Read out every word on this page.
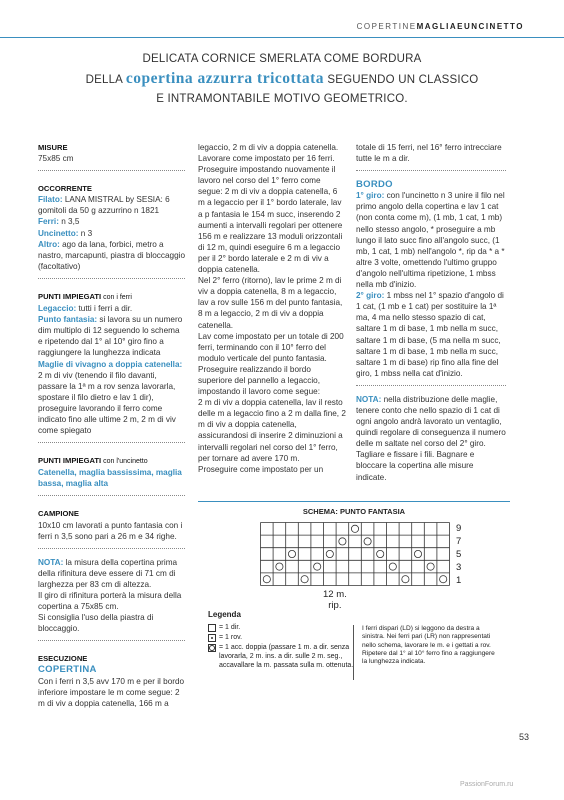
COPERTINEMAGLIAEUNCINETTO
DELICATA CORNICE SMERLATA COME BORDURA
DELLA copertina azzurra tricottata SEGUENDO UN CLASSICO
E INTRAMONTABILE MOTIVO GEOMETRICO.
MISURE

75x85 cm

OCCORRENTE

Filato: LANA MISTRAL by SESIA: 6 gomitoli da 50 g azzurrino n 1821

Ferri: n 3,5

Uncinetto: n 3

Altro: ago da lana, forbici, metro a nastro, marcapunti, piastra di bloccaggio (facoltativo)

PUNTI IMPIEGATI con i ferri

Legaccio: tutti i ferri a dir.

Punto fantasia: si lavora su un numero dim multiplo di 12 seguendo lo schema e ripetendo dal 1° al 10° giro fino a raggiungere la lunghezza indicata

Maglie di vivagno a doppia catenella: 2 m di viv (tenendo il filo davanti, passare la 1ª m a rov senza lavorarla, spostare il filo dietro e lav 1 dir), proseguire lavorando il ferro come indicato fino alle ultime 2 m, 2 m di viv come spiegato

PUNTI IMPIEGATI con l'uncinetto

Catenella, maglia bassissima, maglia bassa, maglia alta

CAMPIONE

10x10 cm lavorati a punto fantasia con i ferri n 3,5 sono pari a 26 m e 34 righe.

NOTA: la misura della copertina prima della rifinitura deve essere di 71 cm di larghezza per 83 cm di altezza.

Il giro di rifinitura porterà la misura della copertina a 75x85 cm.

Si consiglia l'uso della piastra di bloccaggio.

ESECUZIONE
COPERTINA

Con i ferri n 3,5 avv 170 m e per il bordo inferiore impostare le m come segue: 2 m di viv a doppia catenella, 166 m a

legaccio, 2 m di viv a doppia catenella. Lavorare come impostato per 16 ferri. Proseguire impostando nuovamente il lavoro nel corso del 1° ferro come segue: 2 m di viv a doppia catenella, 6 m a legaccio per il 1° bordo laterale, lav a p fantasia le 154 m succ, inserendo 2 aumenti a intervalli regolari per ottenere 156 m e realizzare 13 moduli orizzontali di 12 m, quindi eseguire 6 m a legaccio per il 2° bordo laterale e 2 m di viv a doppia catenella.

Nel 2° ferro (ritorno), lav le prime 2 m di viv a doppia catenella, 8 m a legaccio, lav a rov sulle 156 m del punto fantasia, 8 m a legaccio, 2 m di viv a doppia catenella.

Lav come impostato per un totale di 200 ferri, terminando con il 10° ferro del modulo verticale del punto fantasia. Proseguire realizzando il bordo superiore del pannello a legaccio, impostando il lavoro come segue:

2 m di viv a doppia catenella, lav il resto delle m a legaccio fino a 2 m dalla fine, 2 m di viv a doppia catenella, assicurandosi di inserire 2 diminuzioni a intervalli regolari nel corso del 1° ferro, per tornare ad avere 170 m.

Proseguire come impostato per un

totale di 15 ferri, nel 16° ferro intrecciare tutte le m a dir.

BORDO

1° giro: con l'uncinetto n 3 unire il filo nel primo angolo della copertina e lav 1 cat (non conta come m), (1 mb, 1 cat, 1 mb) nello stesso angolo, * proseguire a mb lungo il lato succ fino all'angolo succ, (1 mb, 1 cat, 1 mb) nell'angolo *, rip da * a * altre 3 volte, omettendo l'ultimo gruppo d'angolo nell'ultima ripetizione, 1 mbss nella mb d'inizio.

2° giro: 1 mbss nel 1° spazio d'angolo di 1 cat, (1 mb e 1 cat) per sostituire la 1ª ma, 4 ma nello stesso spazio di cat, saltare 1 m di base, 1 mb nella m succ, saltare 1 m di base, (5 ma nella m succ, saltare 1 m di base, 1 mb nella m succ, saltare 1 m di base) rip fino alla fine del giro, 1 mbss nella cat d'inizio.

NOTA: nella distribuzione delle maglie, tenere conto che nello spazio di 1 cat di ogni angolo andrà lavorato un ventaglio, quindi regolare di conseguenza il numero delle m saltate nel corso del 2° giro.

Tagliare e fissare i fili. Bagnare e bloccare la copertina alle misure indicate.

SCHEMA: PUNTO FANTASIA
9
7
5
3
1
12 m.
rip.
Legenda
= 1 dir.
= 1 rov.
= 1 acc. doppia (passare 1 m. a dir. senza lavorarla, 2 m. ins. a dir. sulle 2 m. seg., accavallare la m. passata sulla m. ottenuta.
I ferri dispari (LD) si leggono da destra a sinistra. Nei ferri pari (LR) non rappresentati nello schema, lavorare le m. e i gettati a rov. Ripetere dal 1° al 10° ferro fino a raggiungere la lunghezza indicata.
53
PassionForum.ru
